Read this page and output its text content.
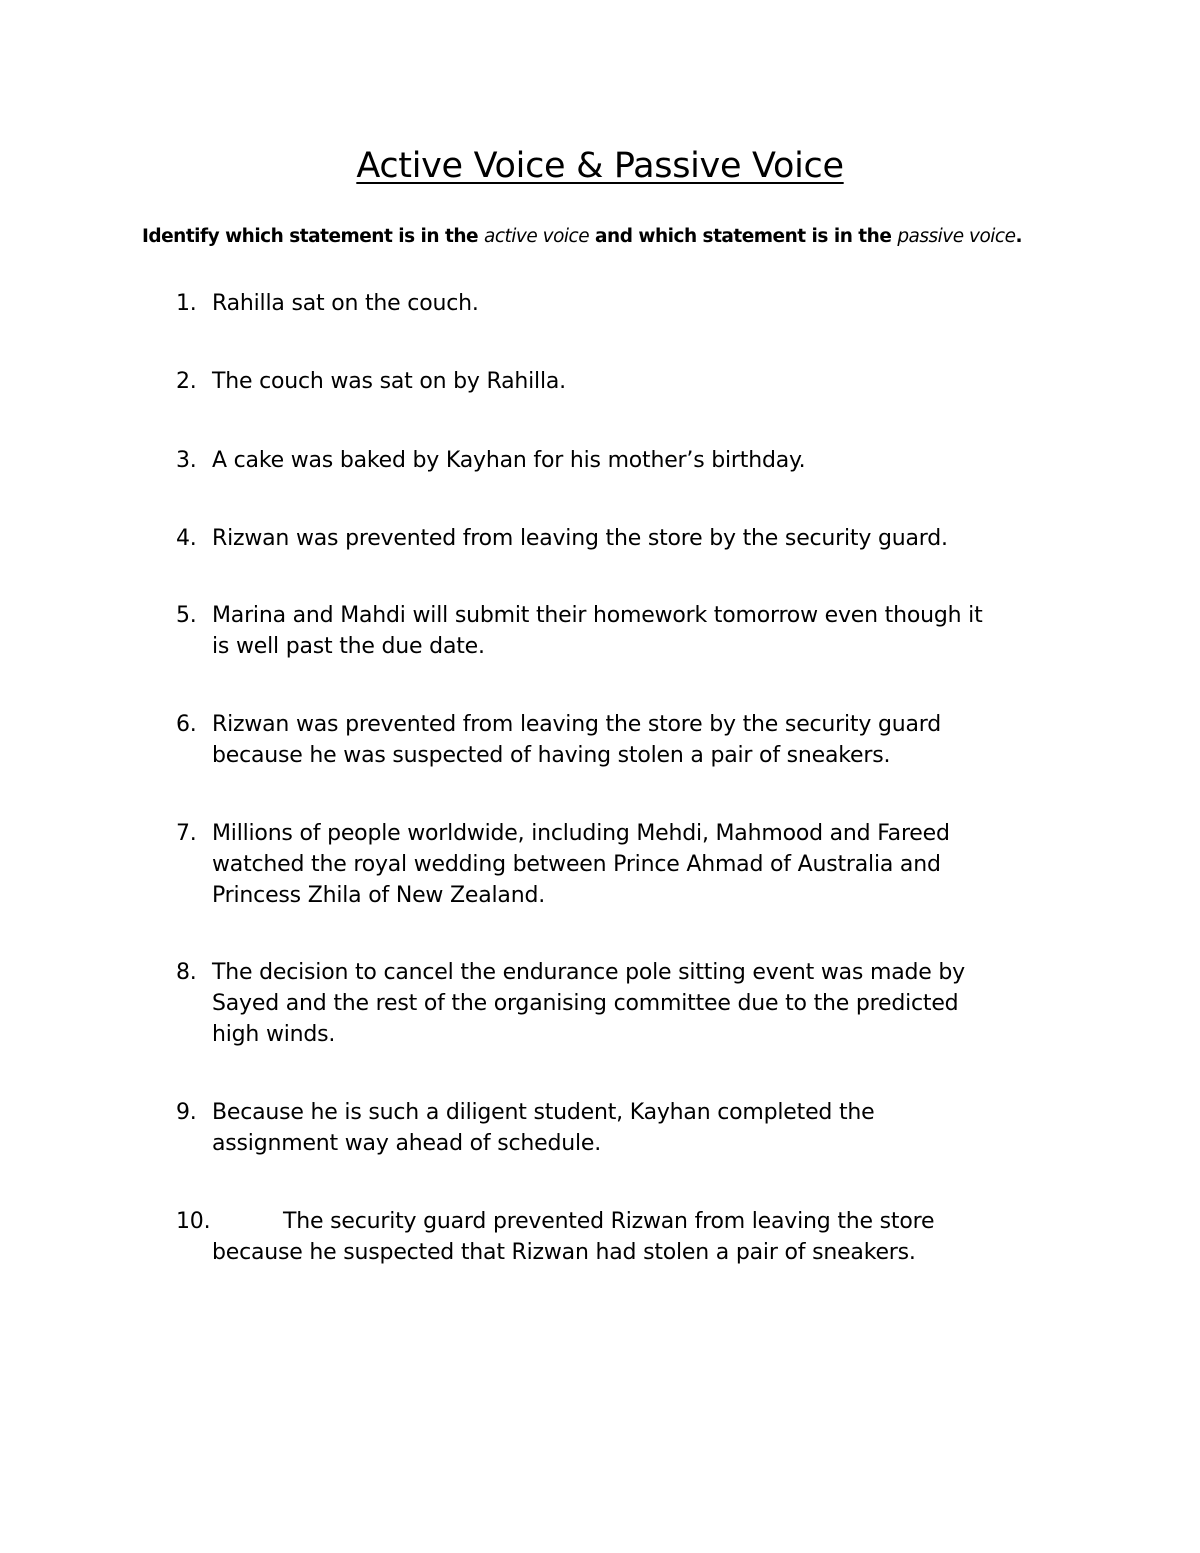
Active Voice & Passive Voice
Identify which statement is in the active voice and which statement is in the passive voice.
1. Rahilla sat on the couch.
2. The couch was sat on by Rahilla.
3. A cake was baked by Kayhan for his mother’s birthday.
4. Rizwan was prevented from leaving the store by the security guard.
5. Marina and Mahdi will submit their homework tomorrow even though it
is well past the due date.
6. Rizwan was prevented from leaving the store by the security guard
because he was suspected of having stolen a pair of sneakers.
7. Millions of people worldwide, including Mehdi, Mahmood and Fareed
watched the royal wedding between Prince Ahmad of Australia and
Princess Zhila of New Zealand.
8. The decision to cancel the endurance pole sitting event was made by
Sayed and the rest of the organising committee due to the predicted
high winds.
9. Because he is such a diligent student, Kayhan completed the
assignment way ahead of schedule.
10.	The security guard prevented Rizwan from leaving the store
because he suspected that Rizwan had stolen a pair of sneakers.
